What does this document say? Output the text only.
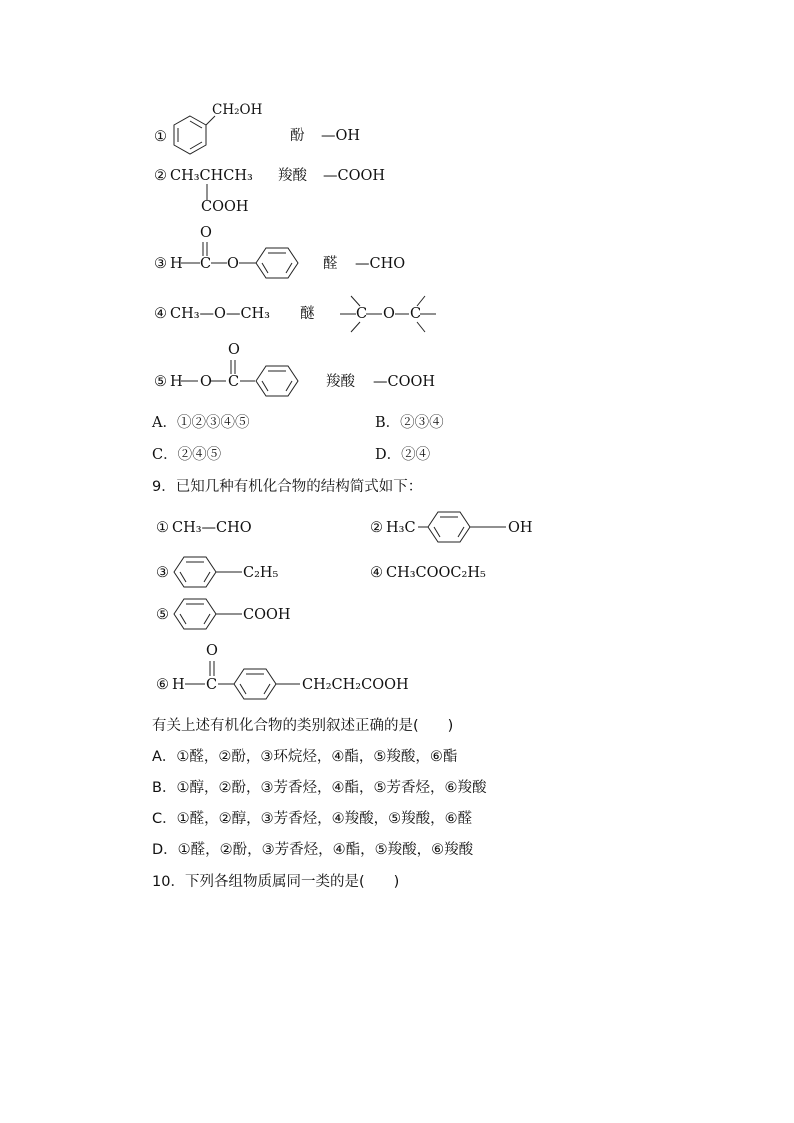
①
CH₂OH
酚 —OH
② CH₃CHCH₃
COOH
羧酸 —COOH
③ H C O
O
醛 —CHO
④ CH₃—O—CH₃ 醚	C O C
⑤ H O C
O
羧酸 —COOH
A．①②③④⑤	B．②③④
C．②④⑤	D．②④
9．已知几种有机化合物的结构简式如下：
① CH₃—CHO	② H₃C	OH
③	C₂H₅	④ CH₃COOC₂H₅
⑤	COOH
⑥ H C
O
CH₂CH₂COOH
有关上述有机化合物的类别叙述正确的是(　　)
A．①醛，②酚，③环烷烃，④酯，⑤羧酸，⑥酯
B．①醇，②酚，③芳香烃，④酯，⑤芳香烃，⑥羧酸
C．①醛，②醇，③芳香烃，④羧酸，⑤羧酸，⑥醛
D．①醛，②酚，③芳香烃，④酯，⑤羧酸，⑥羧酸
10．下列各组物质属同一类的是(　　)
